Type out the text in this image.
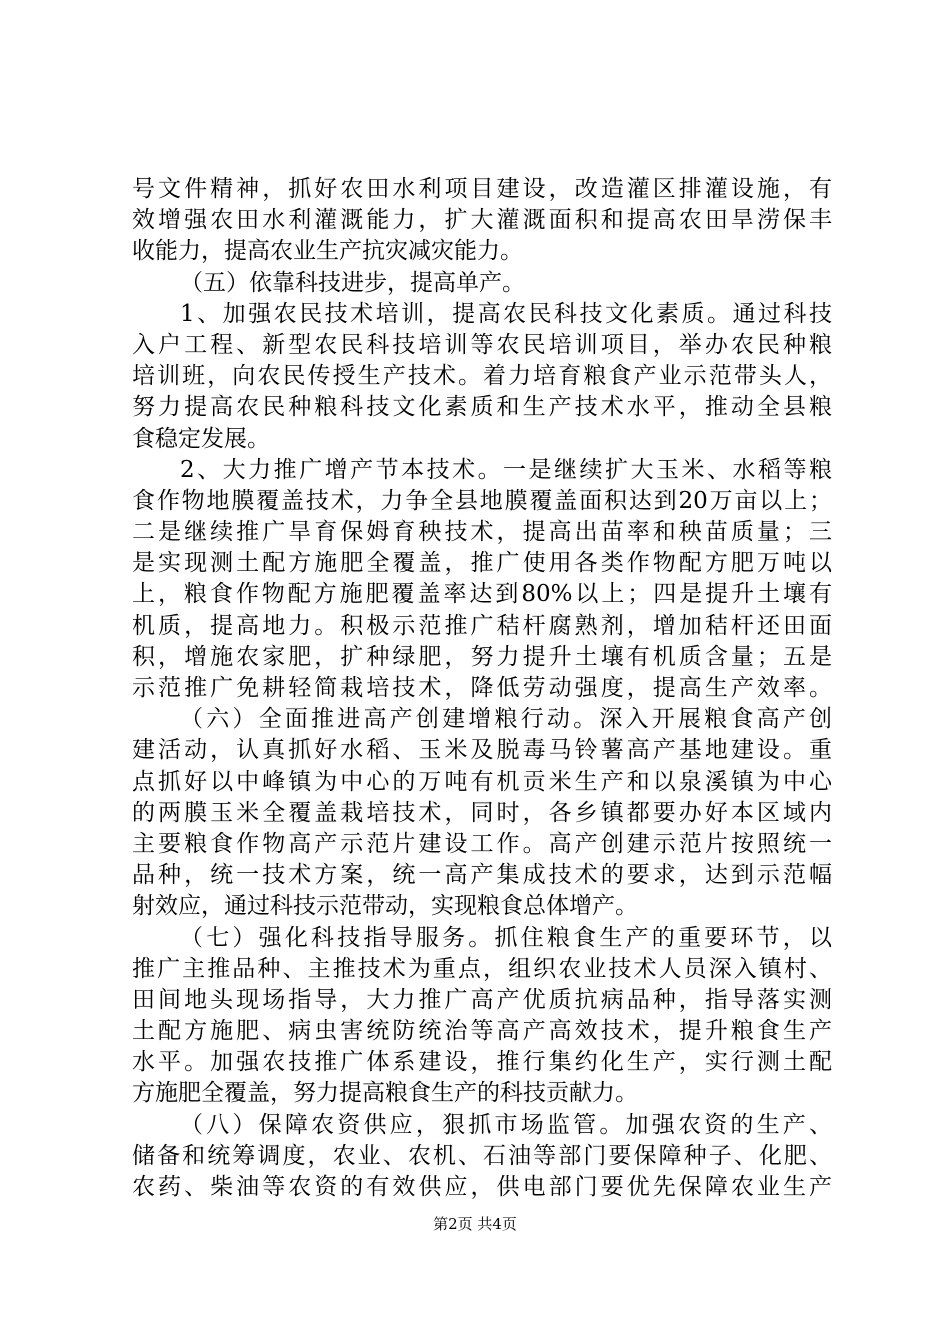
号文件精神，抓好农田水利项目建设，改造灌区排灌设施，有
效增强农田水利灌溉能力，扩大灌溉面积和提高农田旱涝保丰
收能力，提高农业生产抗灾减灾能力。
（五）依靠科技进步，提高单产。
1、加强农民技术培训，提高农民科技文化素质。通过科技
入户工程、新型农民科技培训等农民培训项目，举办农民种粮
培训班，向农民传授生产技术。着力培育粮食产业示范带头人，
努力提高农民种粮科技文化素质和生产技术水平，推动全县粮
食稳定发展。
2、大力推广增产节本技术。一是继续扩大玉米、水稻等粮
食作物地膜覆盖技术，力争全县地膜覆盖面积达到20万亩以上；
二是继续推广旱育保姆育秧技术，提高出苗率和秧苗质量；三
是实现测土配方施肥全覆盖，推广使用各类作物配方肥万吨以
上，粮食作物配方施肥覆盖率达到80%以上；四是提升土壤有
机质，提高地力。积极示范推广秸杆腐熟剂，增加秸杆还田面
积，增施农家肥，扩种绿肥，努力提升土壤有机质含量；五是
示范推广免耕轻简栽培技术，降低劳动强度，提高生产效率。
（六）全面推进高产创建增粮行动。深入开展粮食高产创
建活动，认真抓好水稻、玉米及脱毒马铃薯高产基地建设。重
点抓好以中峰镇为中心的万吨有机贡米生产和以泉溪镇为中心
的两膜玉米全覆盖栽培技术，同时，各乡镇都要办好本区域内
主要粮食作物高产示范片建设工作。高产创建示范片按照统一
品种，统一技术方案，统一高产集成技术的要求，达到示范幅
射效应，通过科技示范带动，实现粮食总体增产。
（七）强化科技指导服务。抓住粮食生产的重要环节，以
推广主推品种、主推技术为重点，组织农业技术人员深入镇村、
田间地头现场指导，大力推广高产优质抗病品种，指导落实测
土配方施肥、病虫害统防统治等高产高效技术，提升粮食生产
水平。加强农技推广体系建设，推行集约化生产，实行测土配
方施肥全覆盖，努力提高粮食生产的科技贡献力。
（八）保障农资供应，狠抓市场监管。加强农资的生产、
储备和统筹调度，农业、农机、石油等部门要保障种子、化肥、
农药、柴油等农资的有效供应，供电部门要优先保障农业生产
第2页 共4页
